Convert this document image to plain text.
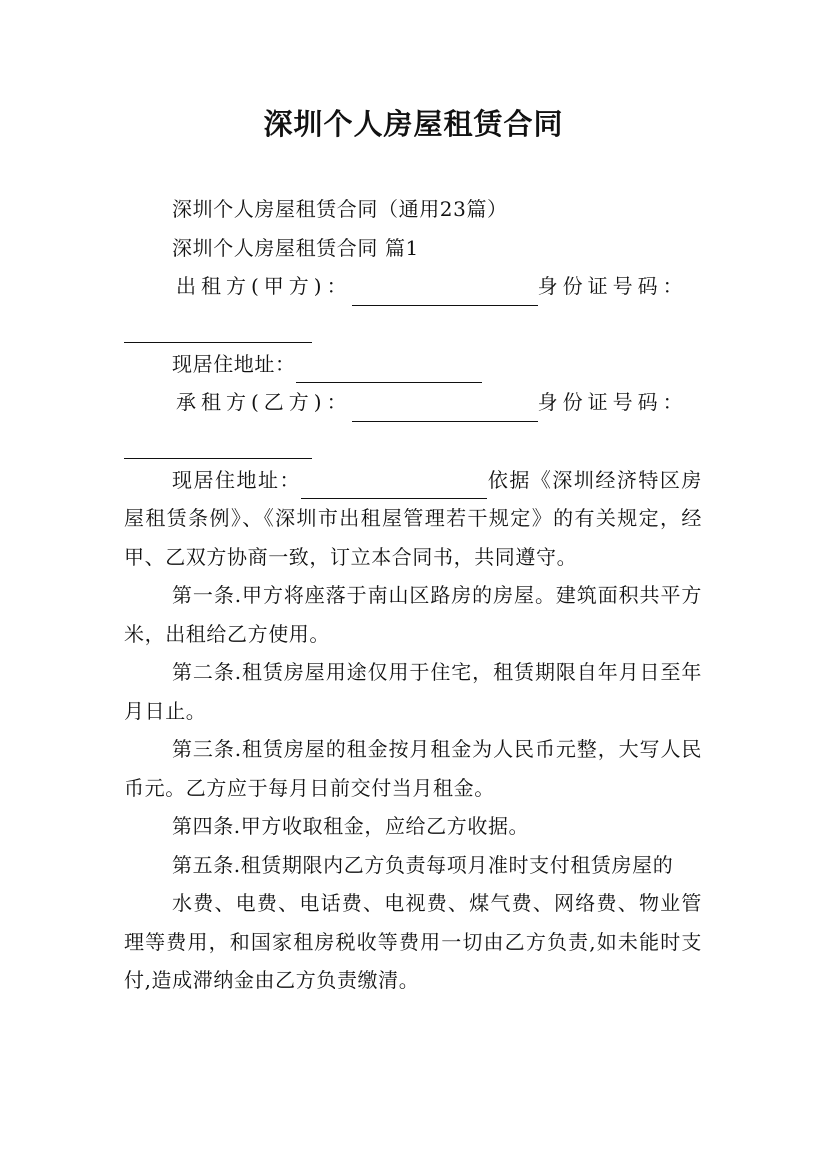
深圳个人房屋租赁合同

深圳个人房屋租赁合同（通用23篇）

深圳个人房屋租赁合同 篇1

出租方(甲方)：	身份证号码：

现居住地址：

承租方(乙方)：	身份证号码：

现居住地址：	依据《深圳经济特区房屋租赁条例》、《深圳市出租屋管理若干规定》的有关规定，经甲、乙双方协商一致，订立本合同书，共同遵守。

第一条.甲方将座落于南山区路房的房屋。建筑面积共平方米，出租给乙方使用。

第二条.租赁房屋用途仅用于住宅，租赁期限自年月日至年月日止。

第三条.租赁房屋的租金按月租金为人民币元整，大写人民币元。乙方应于每月日前交付当月租金。

第四条.甲方收取租金，应给乙方收据。

第五条.租赁期限内乙方负责每项月准时支付租赁房屋的

水费、电费、电话费、电视费、煤气费、网络费、物业管理等费用，和国家租房税收等费用一切由乙方负责,如未能时支付,造成滞纳金由乙方负责缴清。
